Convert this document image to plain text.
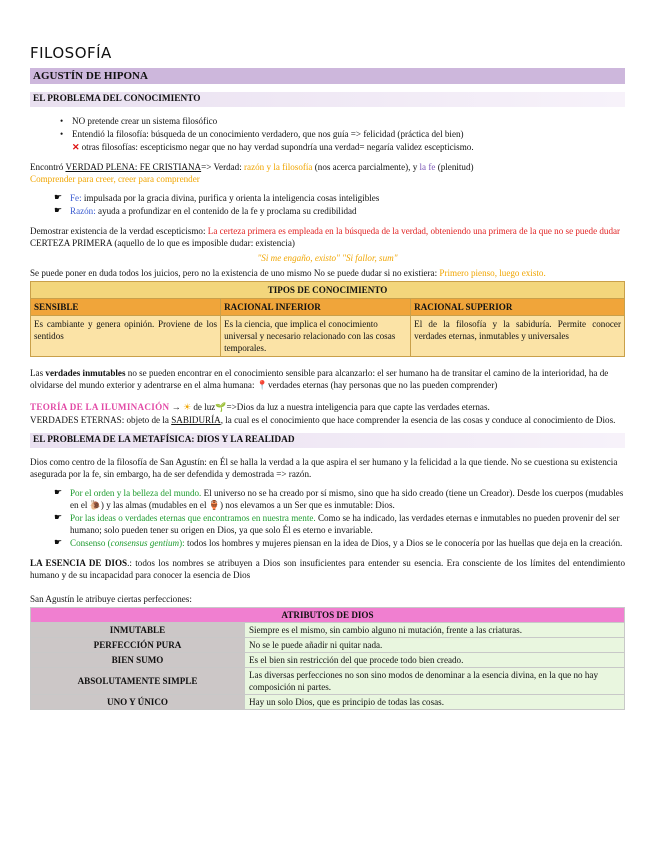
FILOSOFÍA
AGUSTÍN DE HIPONA
EL PROBLEMA DEL CONOCIMIENTO
• NO pretende crear un sistema filosófico
• Entendió la filosofía: búsqueda de un conocimiento verdadero, que nos guía => felicidad (práctica del bien)
✕ otras filosofías: escepticismo negar que no hay verdad supondría una verdad= negaría validez escepticismo.

Encontró VERDAD PLENA: FE CRISTIANA=> Verdad: razón y la filosofía (nos acerca parcialmente), y la fe (plenitud)
Comprender para creer, creer para comprender

☛ Fe: impulsada por la gracia divina, purifica y orienta la inteligencia cosas inteligibles
☛ Razón: ayuda a profundizar en el contenido de la fe y proclama su credibilidad

Demostrar existencia de la verdad escepticismo: La certeza primera es empleada en la búsqueda de la verdad, obteniendo una primera de la que no se puede dudar CERTEZA PRIMERA (aquello de lo que es imposible dudar: existencia)

"Si me engaño, existo" "Si fallor, sum"

Se puede poner en duda todos los juicios, pero no la existencia de uno mismo No se puede dudar si no existiera: Primero pienso, luego existo.

TIPOS DE CONOCIMIENTO		
SENSIBLE	RACIONAL INFERIOR	RACIONAL SUPERIOR
Es cambiante y genera opinión. Proviene de los sentidos	Es la ciencia, que implica el conocimiento universal y necesario relacionado con las cosas temporales.	El de la filosofía y la sabiduría. Permite conocer verdades eternas, inmutables y universales

Las verdades inmutables no se pueden encontrar en el conocimiento sensible para alcanzarlo: el ser humano ha de transitar el camino de la interioridad, ha de olvidarse del mundo exterior y adentrarse en el alma humana: 📍verdades eternas (hay personas que no las pueden comprender)

TEORÍA DE LA ILUMINACIÓN → ☀ de luz🌱=>Dios da luz a nuestra inteligencia para que capte las verdades eternas.
VERDADES ETERNAS: objeto de la SABIDURÍA, la cual es el conocimiento que hace comprender la esencia de las cosas y conduce al conocimiento de Dios.

EL PROBLEMA DE LA METAFÍSICA: DIOS Y LA REALIDAD

Dios como centro de la filosofía de San Agustín: en Él se halla la verdad a la que aspira el ser humano y la felicidad a la que tiende. No se cuestiona su existencia asegurada por la fe, sin embargo, ha de ser defendida y demostrada => razón.

☛ Por el orden y la belleza del mundo. El universo no se ha creado por sí mismo, sino que ha sido creado (tiene un Creador). Desde los cuerpos (mudables en el 🐌) y las almas (mudables en el 🏺) nos elevamos a un Ser que es inmutable: Dios.
☛ Por las ideas o verdades eternas que encontramos en nuestra mente. Como se ha indicado, las verdades eternas e inmutables no pueden provenir del ser humano; solo pueden tener su origen en Dios, ya que solo Él es eterno e invariable.
☛ Consenso (consensus gentium): todos los hombres y mujeres piensan en la idea de Dios, y a Dios se le conocería por las huellas que deja en la creación.

LA ESENCIA DE DIOS.: todos los nombres se atribuyen a Dios son insuficientes para entender su esencia. Era consciente de los límites del entendimiento humano y de su incapacidad para conocer la esencia de Dios

San Agustín le atribuye ciertas perfecciones:

ATRIBUTOS DE DIOS	
INMUTABLE	Siempre es el mismo, sin cambio alguno ni mutación, frente a las criaturas.
PERFECCIÓN PURA	No se le puede añadir ni quitar nada.
BIEN SUMO	Es el bien sin restricción del que procede todo bien creado.
ABSOLUTAMENTE SIMPLE	Las diversas perfecciones no son sino modos de denominar a la esencia divina, en la que no hay composición ni partes.
UNO Y ÚNICO	Hay un solo Dios, que es principio de todas las cosas.
